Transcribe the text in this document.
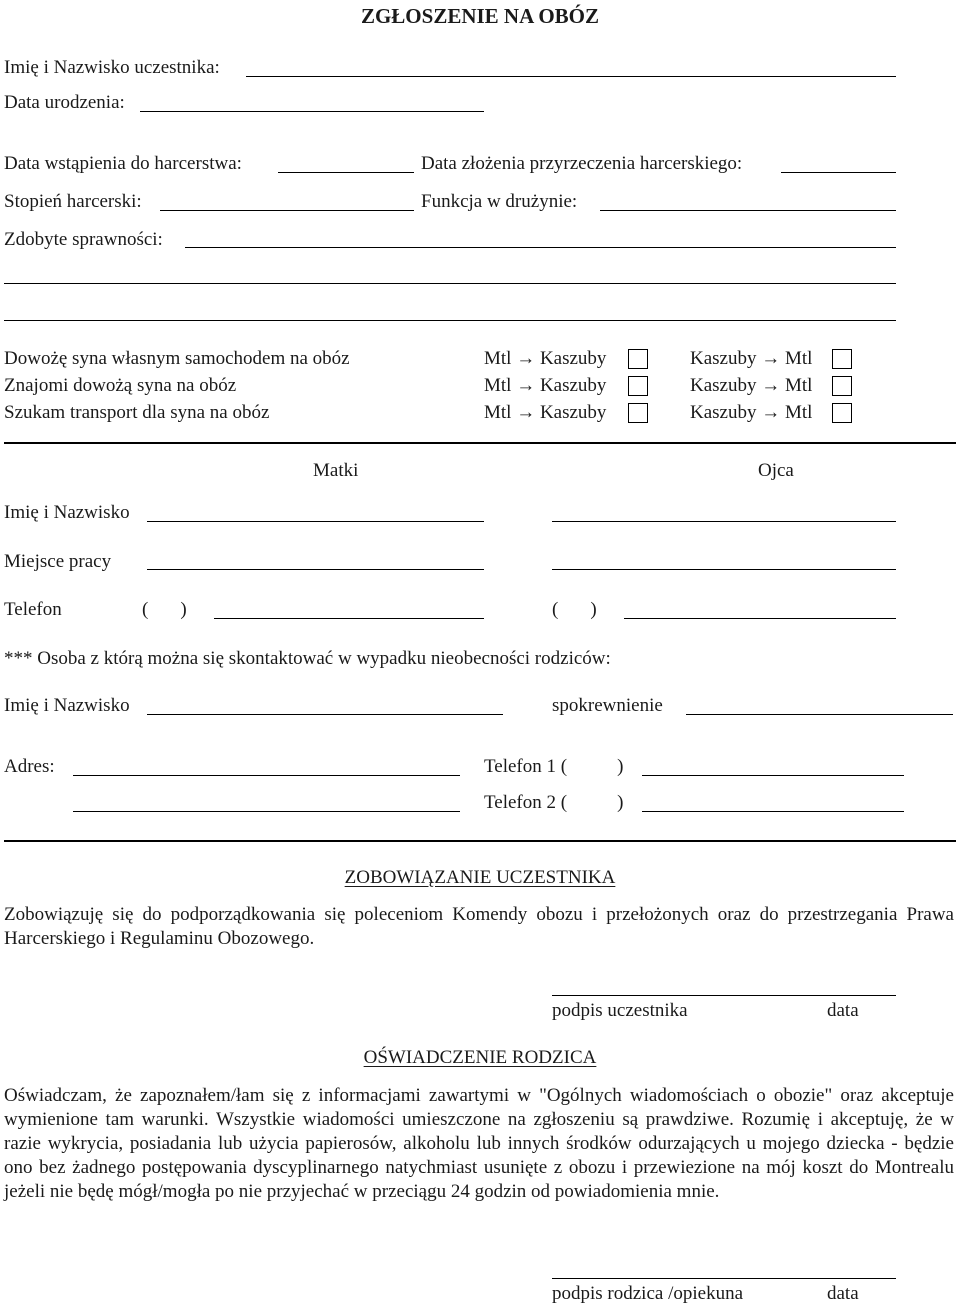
ZGŁOSZENIE NA OBÓZ
Imię i Nazwisko uczestnika:
Data urodzenia:
Data wstąpienia do harcerstwa:	Data złożenia przyrzeczenia harcerskiego:
Stopień harcerski:	Funkcja w drużynie:
Zdobyte sprawności:
Dowożę syna własnym samochodem na obóz	Mtl → Kaszuby	Kaszuby → Mtl
Znajomi dowożą syna na obóz	Mtl → Kaszuby	Kaszuby → Mtl
Szukam transport dla syna na obóz	Mtl → Kaszuby	Kaszuby → Mtl
Matki	Ojca
Imię i Nazwisko
Miejsce pracy
Telefon	( )	( )
*** Osoba z którą można się skontaktować w wypadku nieobecności rodziców:
Imię i Nazwisko	spokrewnienie
Adres:	Telefon 1 (	)
Telefon 2 (	)
ZOBOWIĄZANIE UCZESTNIKA
Zobowiązuję się do podporządkowania się poleceniom Komendy obozu i przełożonych oraz do przestrzegania Prawa Harcerskiego i Regulaminu Obozowego.
podpis uczestnika	data
OŚWIADCZENIE RODZICA
Oświadczam, że zapoznałem/łam się z informacjami zawartymi w "Ogólnych wiadomościach o obozie" oraz akceptuje wymienione tam warunki. Wszystkie wiadomości umieszczone na zgłoszeniu są prawdziwe. Rozumię i akceptuję, że w razie wykrycia, posiadania lub użycia papierosów, alkoholu lub innych środków odurzających u mojego dziecka - będzie ono bez żadnego postępowania dyscyplinarnego natychmiast usunięte z obozu i przewiezione na mój koszt do Montrealu jeżeli nie będę mógł/mogła po nie przyjechać w przeciągu 24 godzin od powiadomienia mnie.
podpis rodzica /opiekuna	data
